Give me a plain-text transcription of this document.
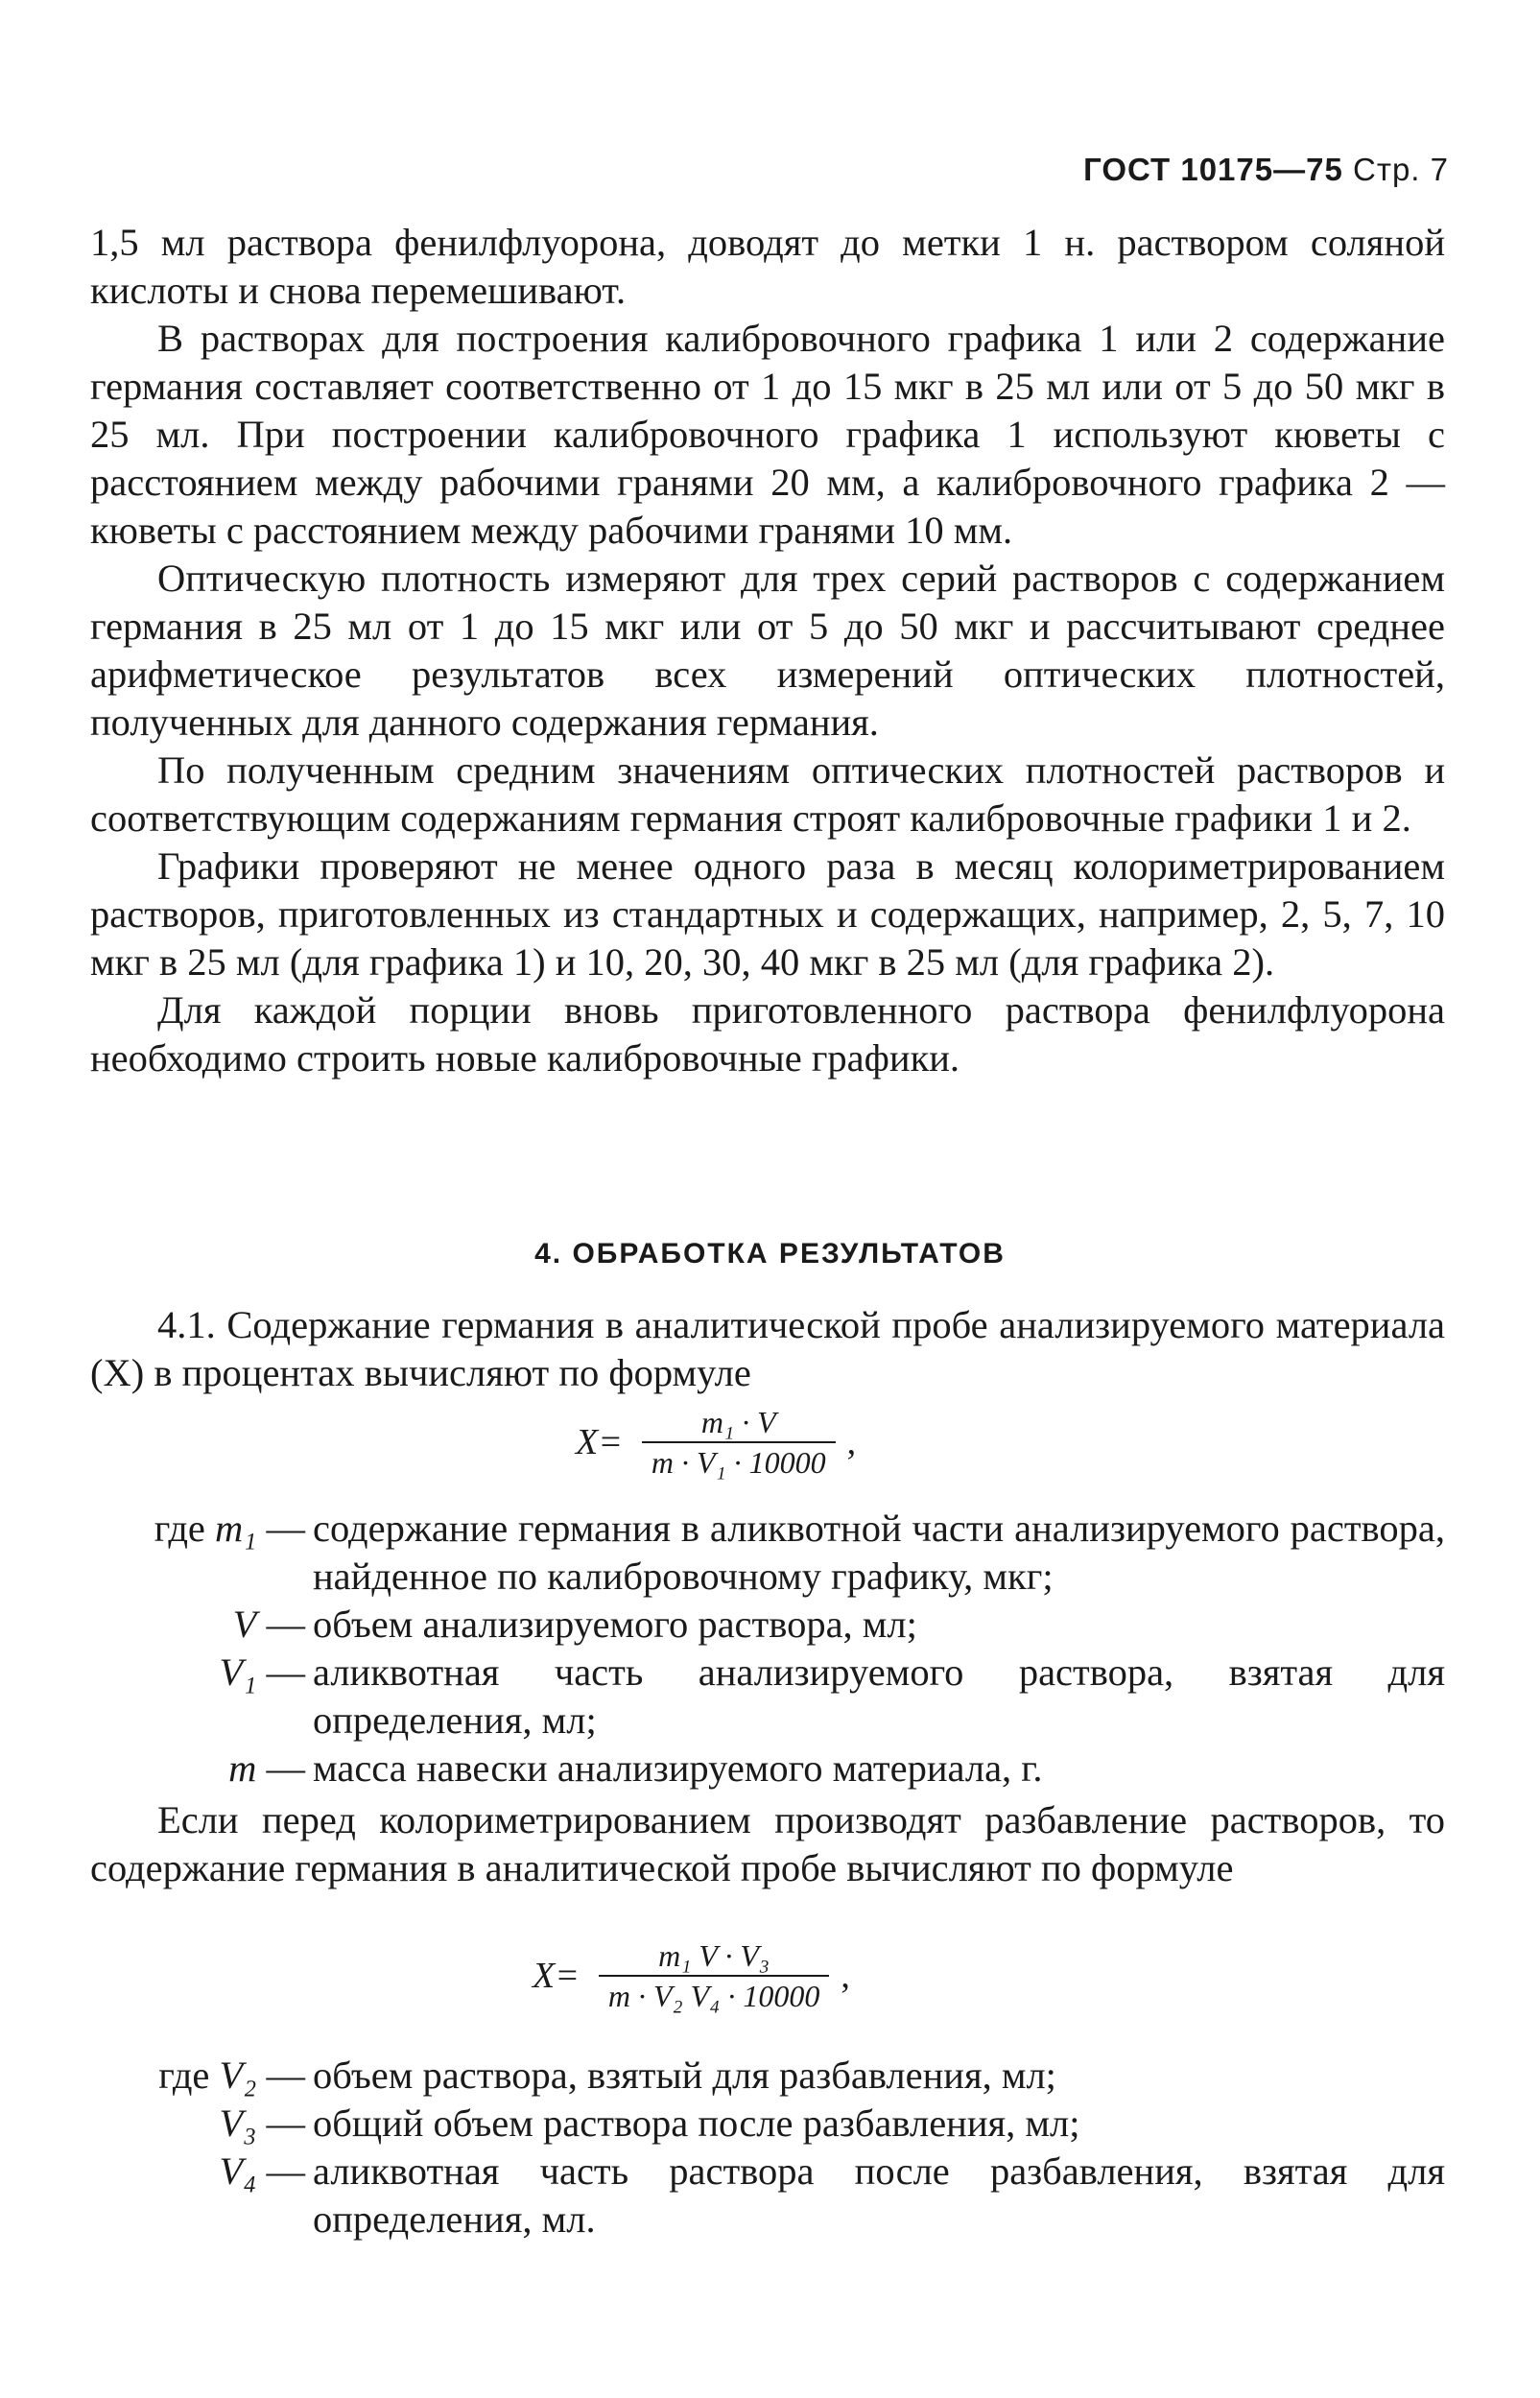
ГОСТ 10175—75 Стр. 7

1,5 мл раствора фенилфлуорона, доводят до метки 1 н. раствором соляной кислоты и снова перемешивают.

В растворах для построения калибровочного графика 1 или 2 содержание германия составляет соответственно от 1 до 15 мкг в 25 мл или от 5 до 50 мкг в 25 мл. При построении калибровочного графика 1 используют кюветы с расстоянием между рабочими гранями 20 мм, а калибровочного графика 2 — кюветы с расстоянием между рабочими гранями 10 мм.

Оптическую плотность измеряют для трех серий растворов с содержанием германия в 25 мл от 1 до 15 мкг или от 5 до 50 мкг и рассчитывают среднее арифметическое результатов всех измерений оптических плотностей, полученных для данного содержания германия.

По полученным средним значениям оптических плотностей растворов и соответствующим содержаниям германия строят калибровочные графики 1 и 2.

Графики проверяют не менее одного раза в месяц колориметрированием растворов, приготовленных из стандартных и содержащих, например, 2, 5, 7, 10 мкг в 25 мл (для графика 1) и 10, 20, 30, 40 мкг в 25 мл (для графика 2).

Для каждой порции вновь приготовленного раствора фенилфлуорона необходимо строить новые калибровочные графики.

4. ОБРАБОТКА РЕЗУЛЬТАТОВ

4.1. Содержание германия в аналитической пробе анализируемого материала (X) в процентах вычисляют по формуле

$X= \frac{\text{m₁ · V}}{\text{m · V₁ · 10000}}$ ,
где m₁ — содержание германия в аликвотной части анализируемого раствора, найденное по калибровочному графику, мкг;
V — объем анализируемого раствора, мл;
V₁ — аликвотная часть анализируемого раствора, взятая для определения, мл;
m — масса навески анализируемого материала, г.

Если перед колориметрированием производят разбавление растворов, то содержание германия в аналитической пробе вычисляют по формуле

$X= \frac{\text{m₁ V · V₃}}{\text{m · V₂ V₄ · 10000}}$ ,
где V₂ — объем раствора, взятый для разбавления, мл;
V₃ — общий объем раствора после разбавления, мл;
V₄ — аликвотная часть раствора после разбавления, взятая для определения, мл.
